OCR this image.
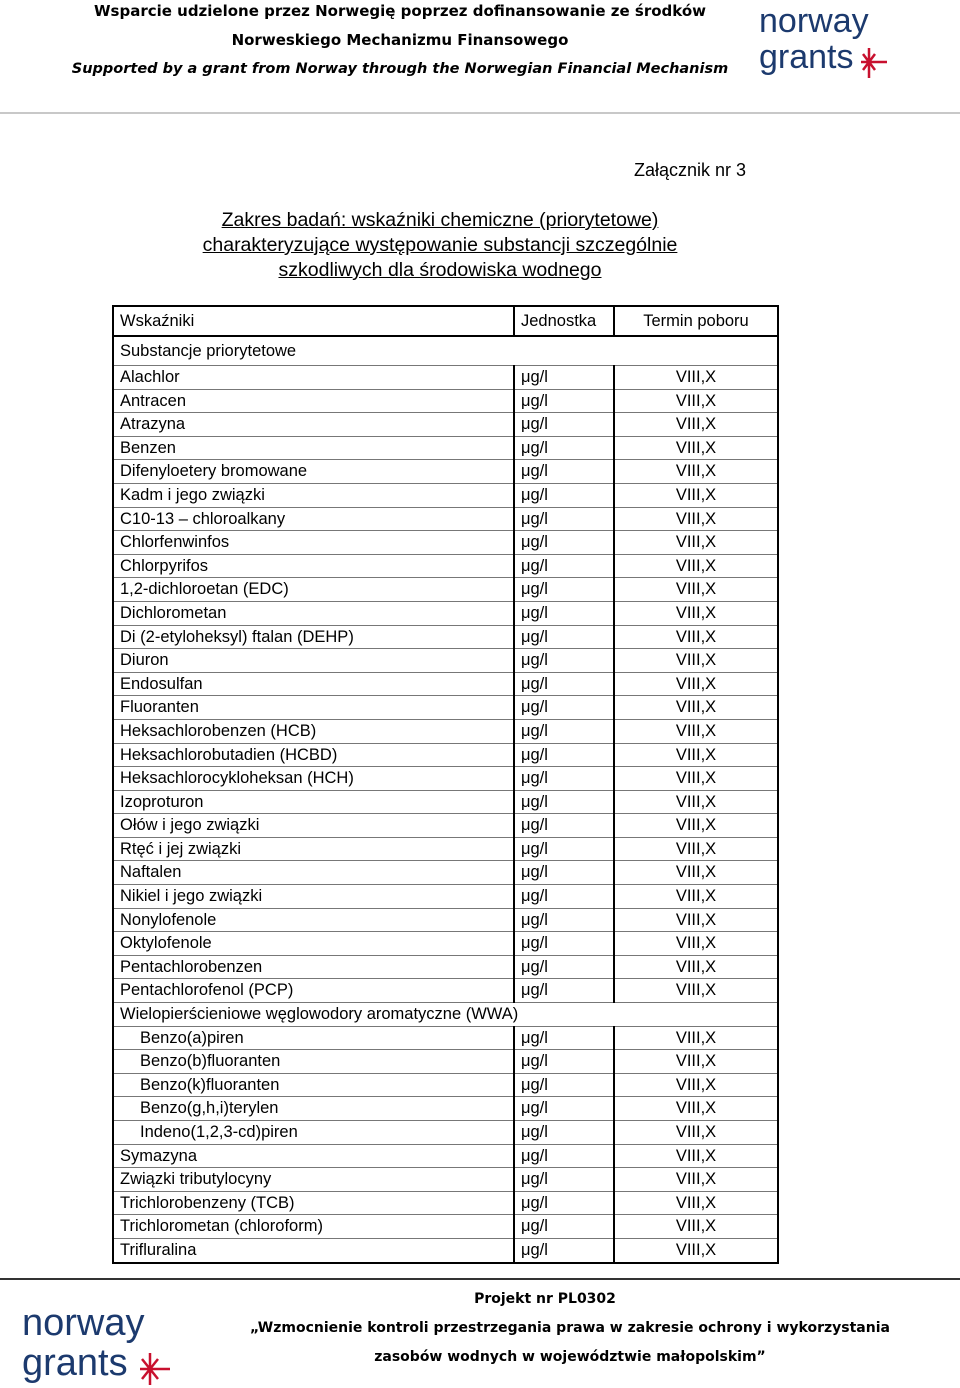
Wsparcie udzielone przez Norwegię poprzez dofinansowanie ze środków
Norweskiego Mechanizmu Finansowego
Supported by a grant from Norway through the Norwegian Financial Mechanism
norway
grants
Załącznik nr 3
Zakres badań: wskaźniki chemiczne (priorytetowe)
charakteryzujące występowanie substancji szczególnie
szkodliwych dla środowiska wodnego
Wskaźniki	Jednostka	Termin poboru
Substancje priorytetowe		
Alachlor	μg/l	VIII,X
Antracen	μg/l	VIII,X
Atrazyna	μg/l	VIII,X
Benzen	μg/l	VIII,X
Difenyloetery bromowane	μg/l	VIII,X
Kadm i jego związki	μg/l	VIII,X
C10-13 – chloroalkany	μg/l	VIII,X
Chlorfenwinfos	μg/l	VIII,X
Chlorpyrifos	μg/l	VIII,X
1,2-dichloroetan (EDC)	μg/l	VIII,X
Dichlorometan	μg/l	VIII,X
Di (2-etyloheksyl) ftalan (DEHP)	μg/l	VIII,X
Diuron	μg/l	VIII,X
Endosulfan	μg/l	VIII,X
Fluoranten	μg/l	VIII,X
Heksachlorobenzen (HCB)	μg/l	VIII,X
Heksachlorobutadien (HCBD)	μg/l	VIII,X
Heksachlorocykloheksan (HCH)	μg/l	VIII,X
Izoproturon	μg/l	VIII,X
Ołów i jego związki	μg/l	VIII,X
Rtęć i jej związki	μg/l	VIII,X
Naftalen	μg/l	VIII,X
Nikiel i jego związki	μg/l	VIII,X
Nonylofenole	μg/l	VIII,X
Oktylofenole	μg/l	VIII,X
Pentachlorobenzen	μg/l	VIII,X
Pentachlorofenol (PCP)	μg/l	VIII,X
Wielopierścieniowe węglowodory aromatyczne (WWA)		
Benzo(a)piren	μg/l	VIII,X
Benzo(b)fluoranten	μg/l	VIII,X
Benzo(k)fluoranten	μg/l	VIII,X
Benzo(g,h,i)terylen	μg/l	VIII,X
Indeno(1,2,3-cd)piren	μg/l	VIII,X
Symazyna	μg/l	VIII,X
Związki tributylocyny	μg/l	VIII,X
Trichlorobenzeny (TCB)	μg/l	VIII,X
Trichlorometan (chloroform)	μg/l	VIII,X
Trifluralina	μg/l	VIII,X
norway
grants
Projekt nr PL0302
„Wzmocnienie kontroli przestrzegania prawa w zakresie ochrony i wykorzystania
zasobów wodnych w województwie małopolskim”
